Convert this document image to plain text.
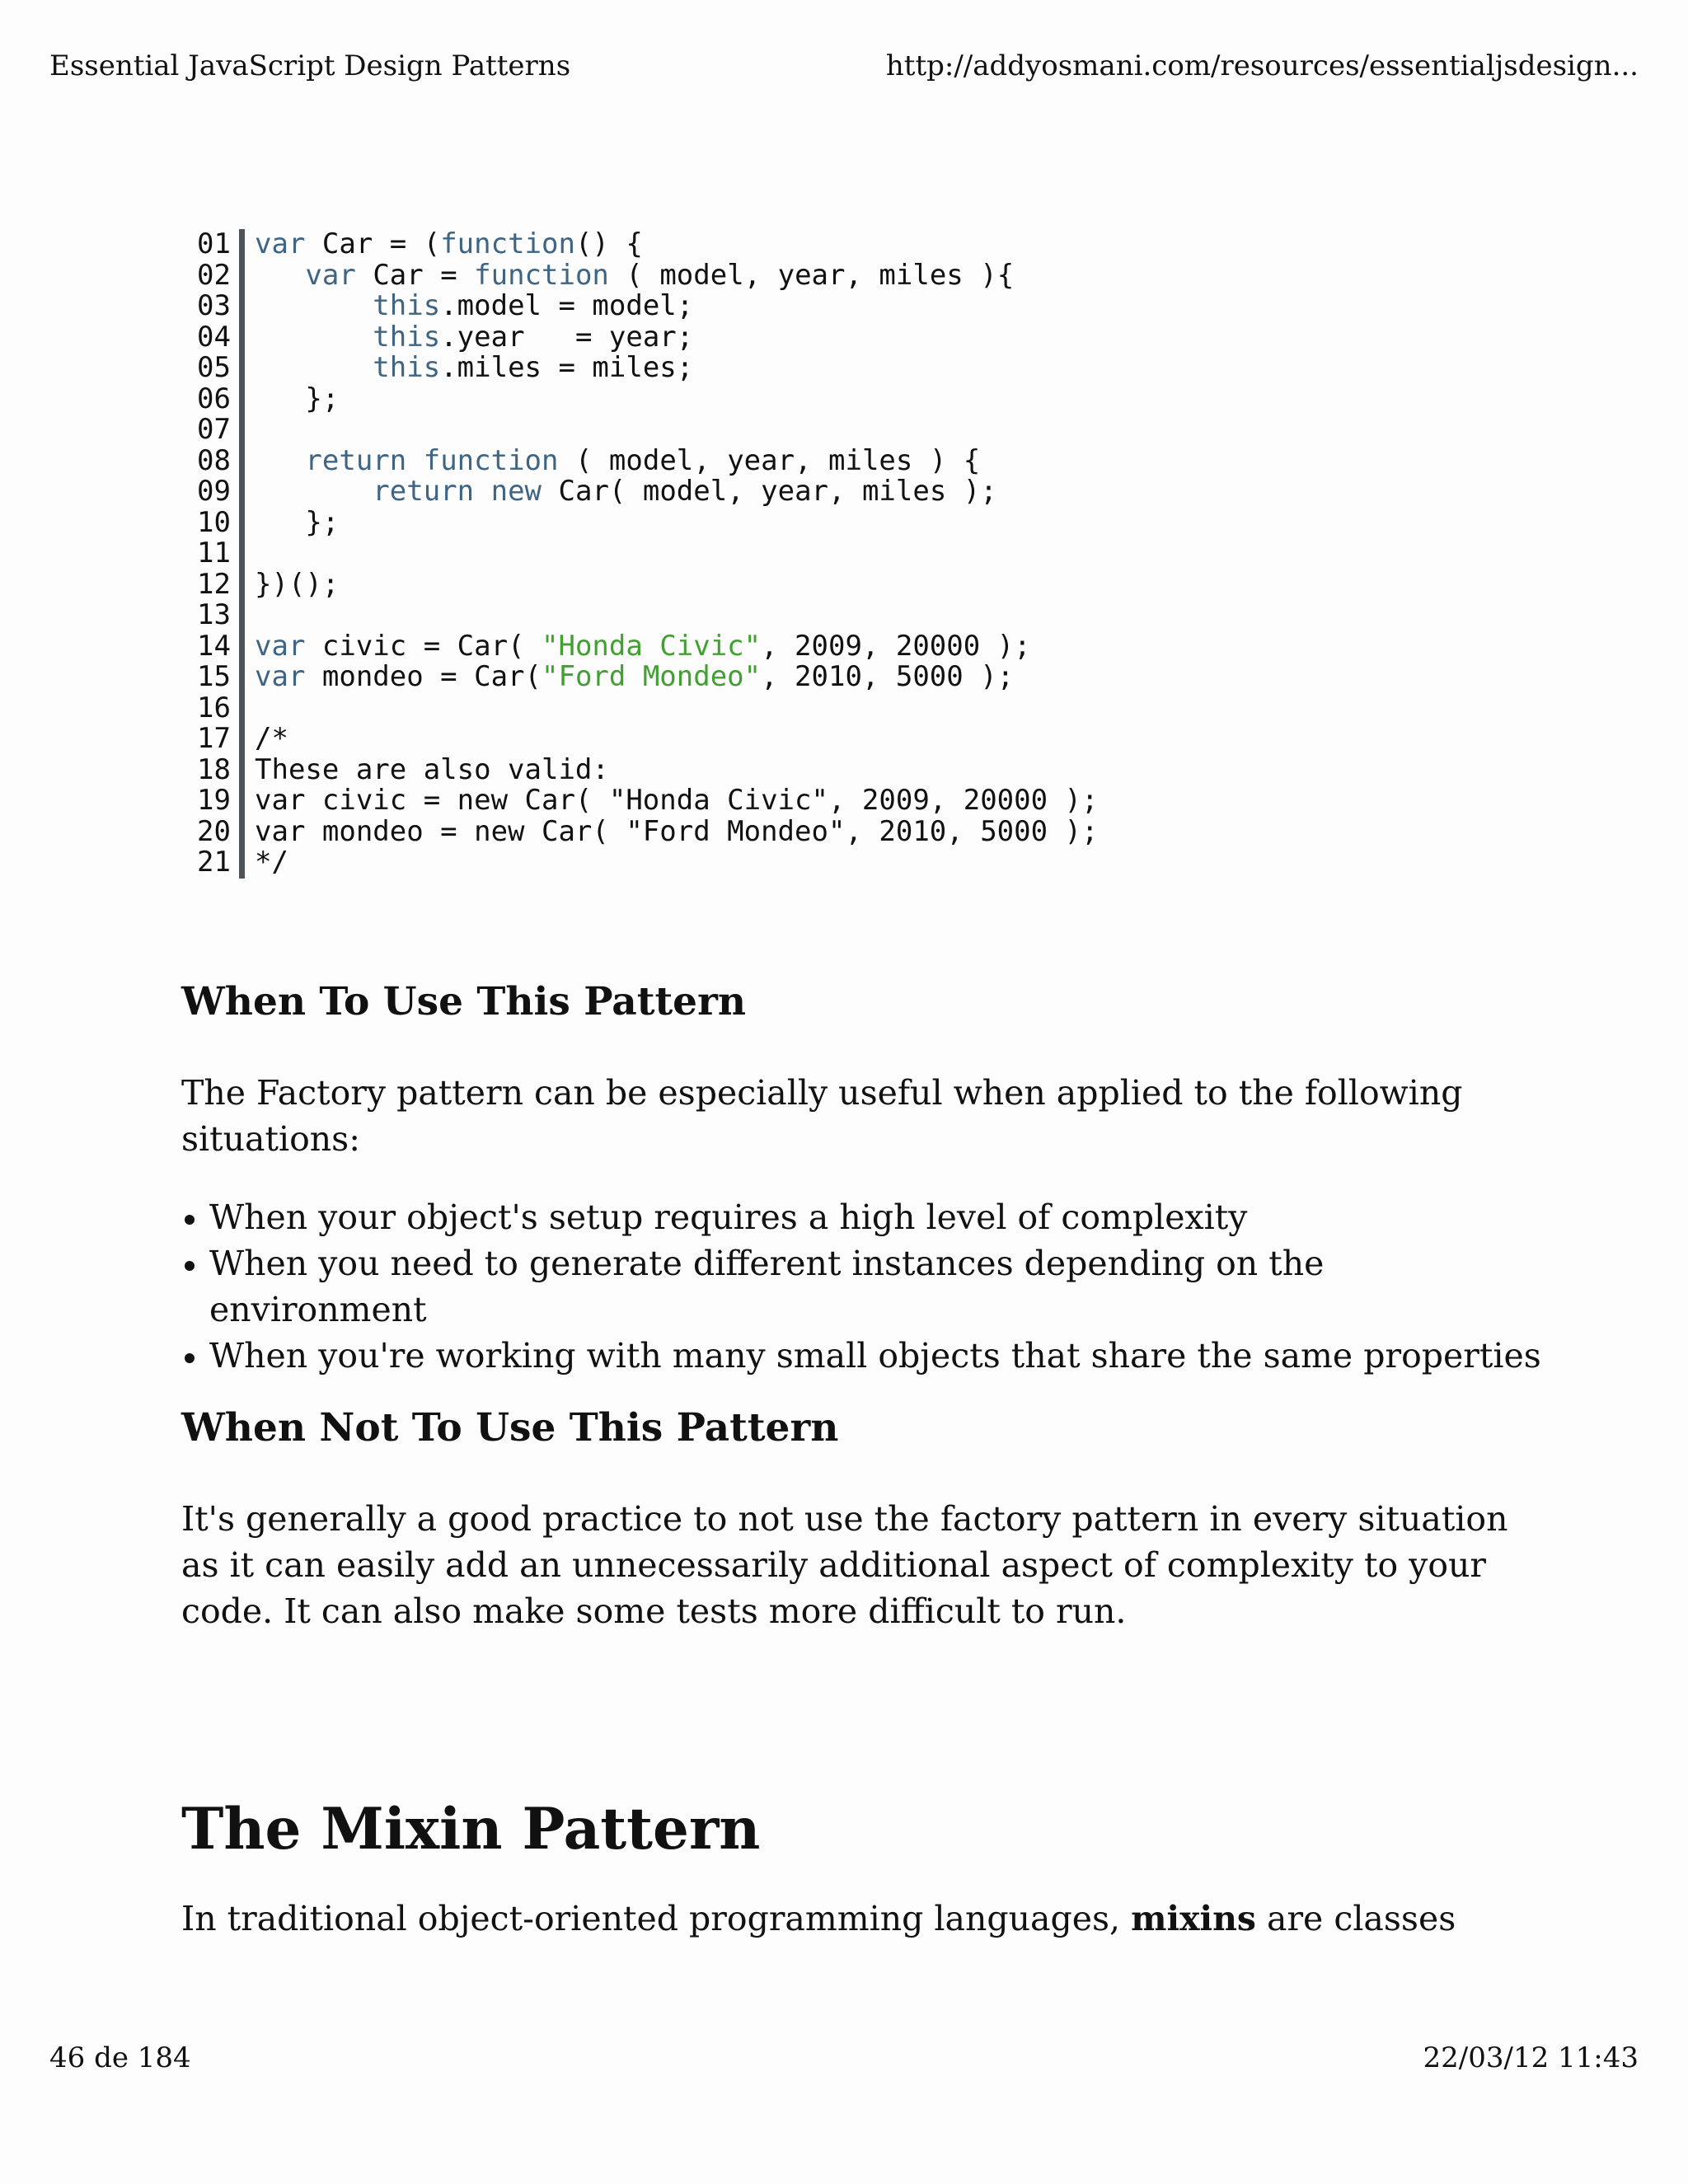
Essential JavaScript Design Patterns	http://addyosmani.com/resources/essentialjsdesign...
01 var Car = (function() {
02	var Car = function ( model, year, miles ){
03	this.model = model;
04	this.year   = year;
05	this.miles = miles;
06 };
07
08	return function ( model, year, miles ) {
09	return new Car( model, year, miles );
10 };
11
12 })();
13
14 var civic = Car( "Honda Civic", 2009, 20000 );
15 var mondeo = Car("Ford Mondeo", 2010, 5000 );
16
17 /*
18 These are also valid:
19 var civic = new Car( "Honda Civic", 2009, 20000 );
20 var mondeo = new Car( "Ford Mondeo", 2010, 5000 );
21 */
When To Use This Pattern

The Factory pattern can be especially useful when applied to the following situations:

When your object's setup requires a high level of complexity
When you need to generate different instances depending on the environment
When you're working with many small objects that share the same properties
When Not To Use This Pattern

It's generally a good practice to not use the factory pattern in every situation as it can easily add an unnecessarily additional aspect of complexity to your code. It can also make some tests more difficult to run.

The Mixin Pattern

In traditional object-oriented programming languages, mixins are classes

46 de 184	22/03/12 11:43
